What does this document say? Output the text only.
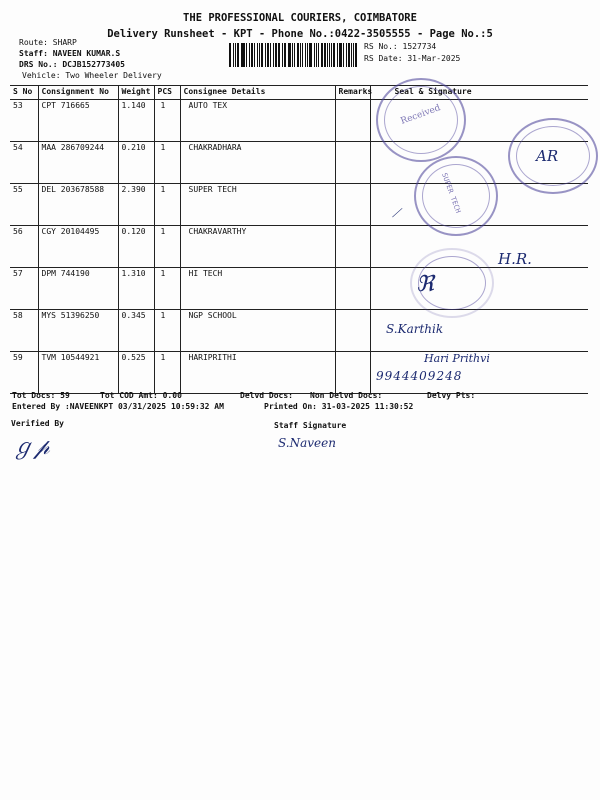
THE PROFESSIONAL COURIERS, COIMBATORE
Delivery Runsheet - KPT - Phone No.:0422-3505555 - Page No.:5
Route: SHARP
Staff: NAVEEN KUMAR.S
DRS No.: DCJB152773405
Vehicle: Two Wheeler Delivery
RS No.: 1527734
RS Date: 31-Mar-2025
S No	Consignment No	Weight	PCS	Consignee Details	Remarks	Seal & Signature
53	CPT 716665	1.140	1	AUTO TEX		
54	MAA 286709244	0.210	1	CHAKRADHARA		
55	DEL 203678588	2.390	1	SUPER TECH		
56	CGY 20104495	0.120	1	CHAKRAVARTHY		
57	DPM 744190	1.310	1	HI TECH		
58	MYS 51396250	0.345	1	NGP SCHOOL		
59	TVM 10544921	0.525	1	HARIPRITHI		
Received
AR
SUPER TECH
⟋
H.R.
ℜ
S.Karthik
Hari Prithvi
9944409248
Tot Docs: 59	Tot COD Amt: 0.00	Delvd Docs: Non Delvd Docs:	Delvy Pts:
Entered By :NAVEENKPT 03/31/2025 10:59:32 AM	Printed On: 31-03-2025 11:30:52
Verified By
ℊ𝓅
Staff Signature
S.Naveen
